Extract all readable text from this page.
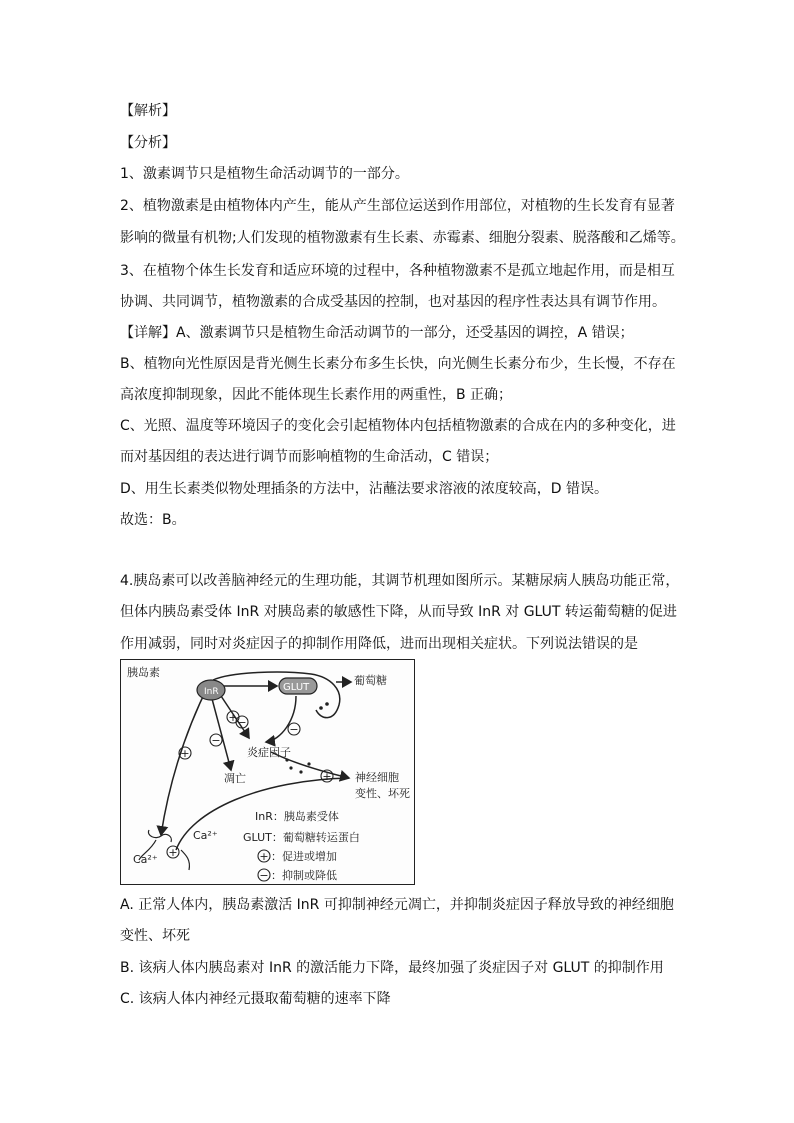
【解析】

【分析】

1、激素调节只是植物生命活动调节的一部分。

2、植物激素是由植物体内产生，能从产生部位运送到作用部位，对植物的生长发育有显著

影响的微量有机物;人们发现的植物激素有生长素、赤霉素、细胞分裂素、脱落酸和乙烯等。

3、在植物个体生长发育和适应环境的过程中，各种植物激素不是孤立地起作用，而是相互

协调、共同调节，植物激素的合成受基因的控制，也对基因的程序性表达具有调节作用。

【详解】A、激素调节只是植物生命活动调节的一部分，还受基因的调控，A 错误；

B、植物向光性原因是背光侧生长素分布多生长快，向光侧生长素分布少，生长慢，不存在

高浓度抑制现象，因此不能体现生长素作用的两重性，B 正确；

C、光照、温度等环境因子的变化会引起植物体内包括植物激素的合成在内的多种变化，进

而对基因组的表达进行调节而影响植物的生命活动，C 错误；

D、用生长素类似物处理插条的方法中，沾蘸法要求溶液的浓度较高，D 错误。

故选：B。

4.胰岛素可以改善脑神经元的生理功能，其调节机理如图所示。某糖尿病人胰岛功能正常，

但体内胰岛素受体 InR 对胰岛素的敏感性下降，从而导致 InR 对 GLUT 转运葡萄糖的促进

作用减弱，同时对炎症因子的抑制作用降低，进而出现相关症状。下列说法错误的是

+
−
−
−
+
+
+
胰岛素
InR	GLUT
葡萄糖
炎症因子
凋亡	神经细胞
变性、坏死
Ca²⁺
Ca²⁺
InR：胰岛素受体
GLUT：葡萄糖转运蛋白
+ ：促进或增加
− ：抑制或降低

A. 正常人体内，胰岛素激活 InR 可抑制神经元凋亡，并抑制炎症因子释放导致的神经细胞

变性、坏死

B. 该病人体内胰岛素对 InR 的激活能力下降，最终加强了炎症因子对 GLUT 的抑制作用

C. 该病人体内神经元摄取葡萄糖的速率下降
